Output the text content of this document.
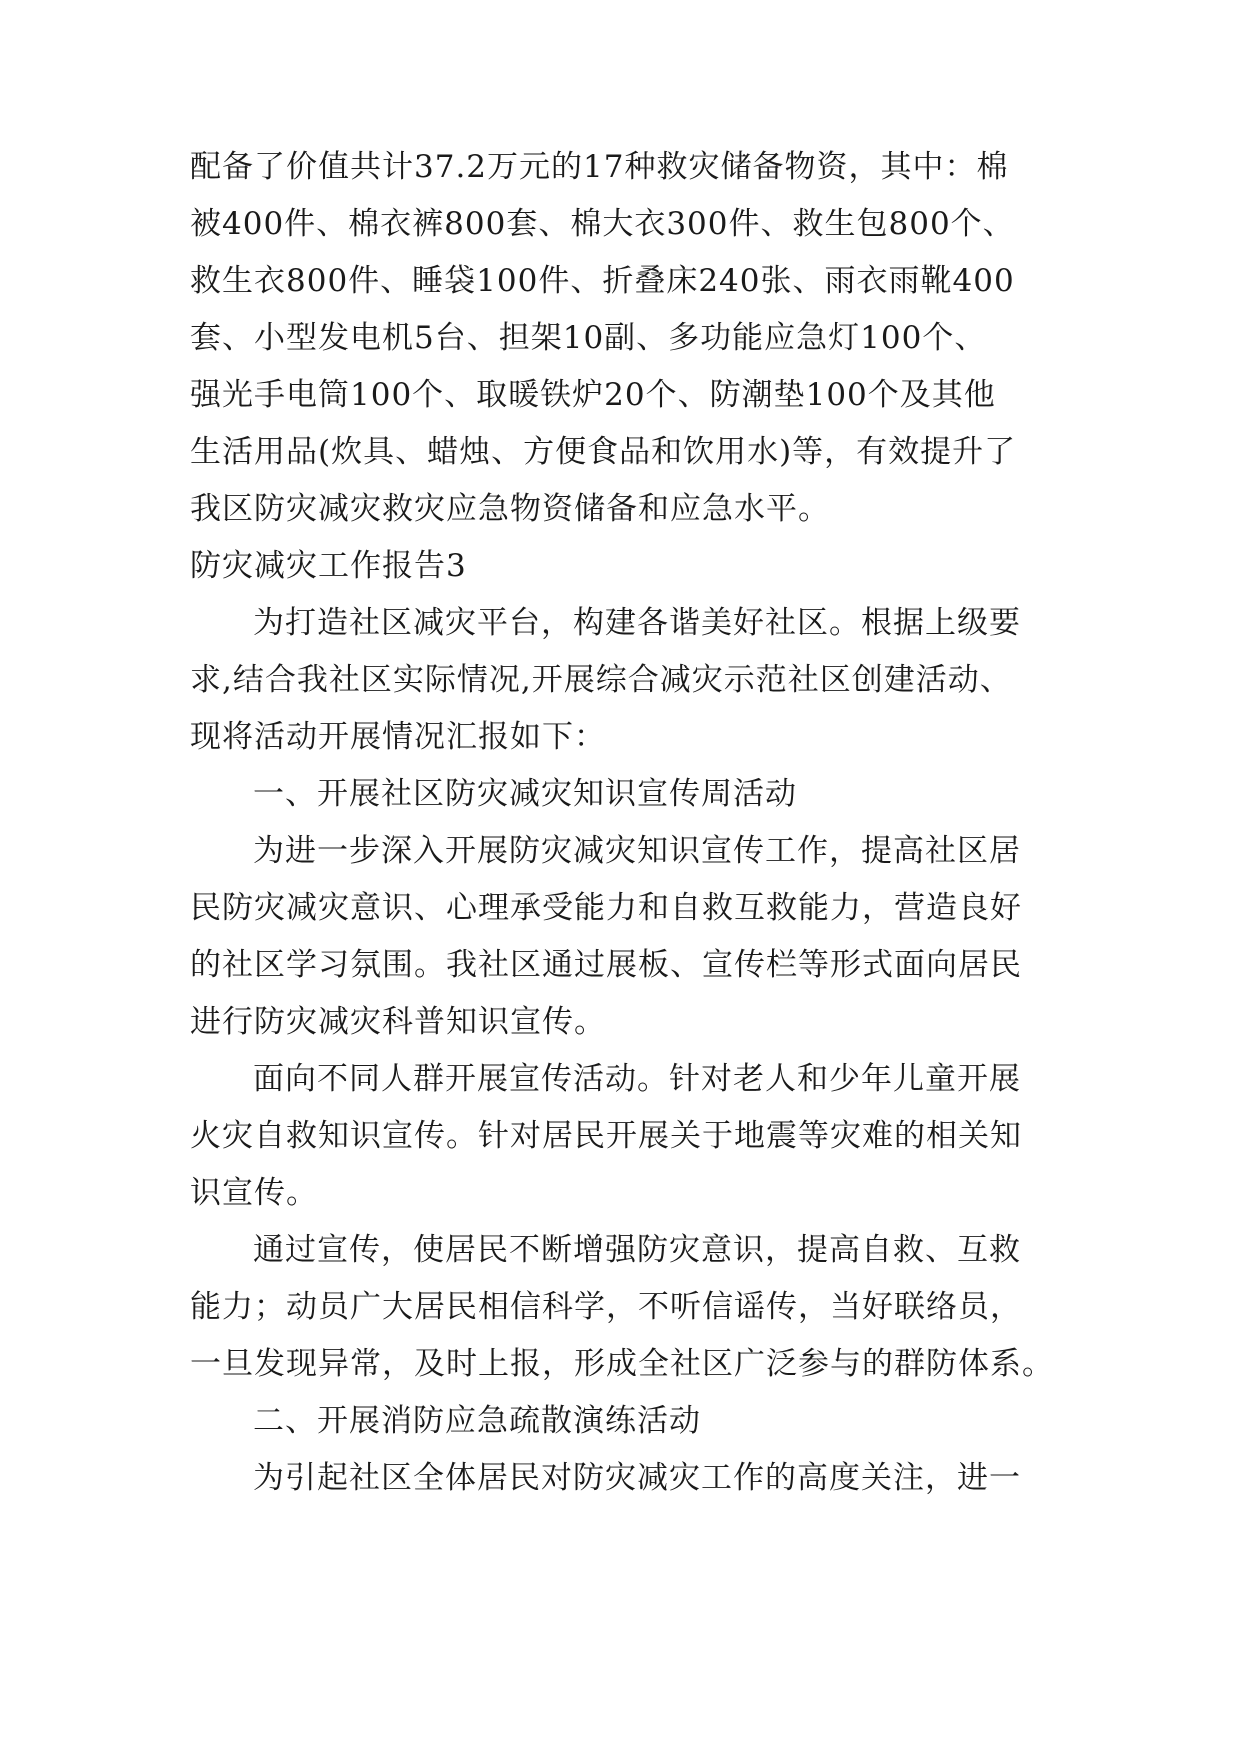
配备了价值共计37.2万元的17种救灾储备物资，其中：棉

被400件、棉衣裤800套、棉大衣300件、救生包800个、

救生衣800件、睡袋100件、折叠床240张、雨衣雨靴400

套、小型发电机5台、担架10副、多功能应急灯100个、

强光手电筒100个、取暖铁炉20个、防潮垫100个及其他

生活用品(炊具、蜡烛、方便食品和饮用水)等，有效提升了

我区防灾减灾救灾应急物资储备和应急水平。

防灾减灾工作报告3

为打造社区减灾平台，构建各谐美好社区。根据上级要

求,结合我社区实际情况,开展综合减灾示范社区创建活动、

现将活动开展情况汇报如下：

一、开展社区防灾减灾知识宣传周活动

为进一步深入开展防灾减灾知识宣传工作，提高社区居

民防灾减灾意识、心理承受能力和自救互救能力，营造良好

的社区学习氛围。我社区通过展板、宣传栏等形式面向居民

进行防灾减灾科普知识宣传。

面向不同人群开展宣传活动。针对老人和少年儿童开展

火灾自救知识宣传。针对居民开展关于地震等灾难的相关知

识宣传。

通过宣传，使居民不断增强防灾意识，提高自救、互救

能力；动员广大居民相信科学，不听信谣传，当好联络员，

一旦发现异常，及时上报，形成全社区广泛参与的群防体系。

二、开展消防应急疏散演练活动

为引起社区全体居民对防灾减灾工作的高度关注，进一
